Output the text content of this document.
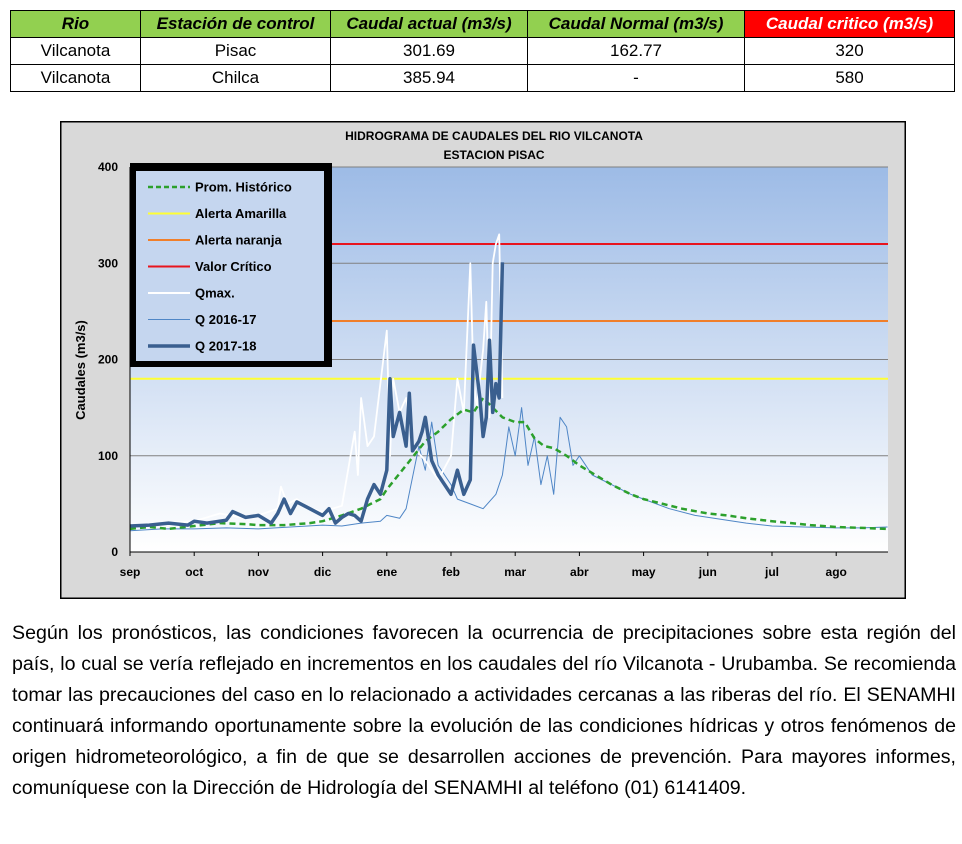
Rio	Estación de control	Caudal actual (m3/s)	Caudal Normal (m3/s)	Caudal critico (m3/s)
Vilcanota	Pisac	301.69	162.77	320
Vilcanota	Chilca	385.94	-	580
HIDROGRAMA DE CAUDALES DEL RIO VILCANOTA
ESTACION PISAC
0
100
200
300
400
sep	oct	nov	dic	ene	feb	mar	abr	may	jun	jul	ago
Caudales (m3/s)
Prom. Histórico
Alerta Amarilla
Alerta naranja
Valor Crítico
Qmax.
Q 2016-17
Q 2017-18
Según los pronósticos, las condiciones favorecen la ocurrencia de precipitaciones sobre esta región del país, lo cual se vería reflejado en incrementos en los caudales del río Vilcanota - Urubamba. Se recomienda tomar las precauciones del caso en lo relacionado a actividades cercanas a las riberas del río. El SENAMHI continuará informando oportunamente sobre la evolución de las condiciones hídricas y otros fenómenos de origen hidrometeorológico, a fin de que se desarrollen acciones de prevención. Para mayores informes, comuníquese con la Dirección de Hidrología del SENAMHI al teléfono (01) 6141409.
